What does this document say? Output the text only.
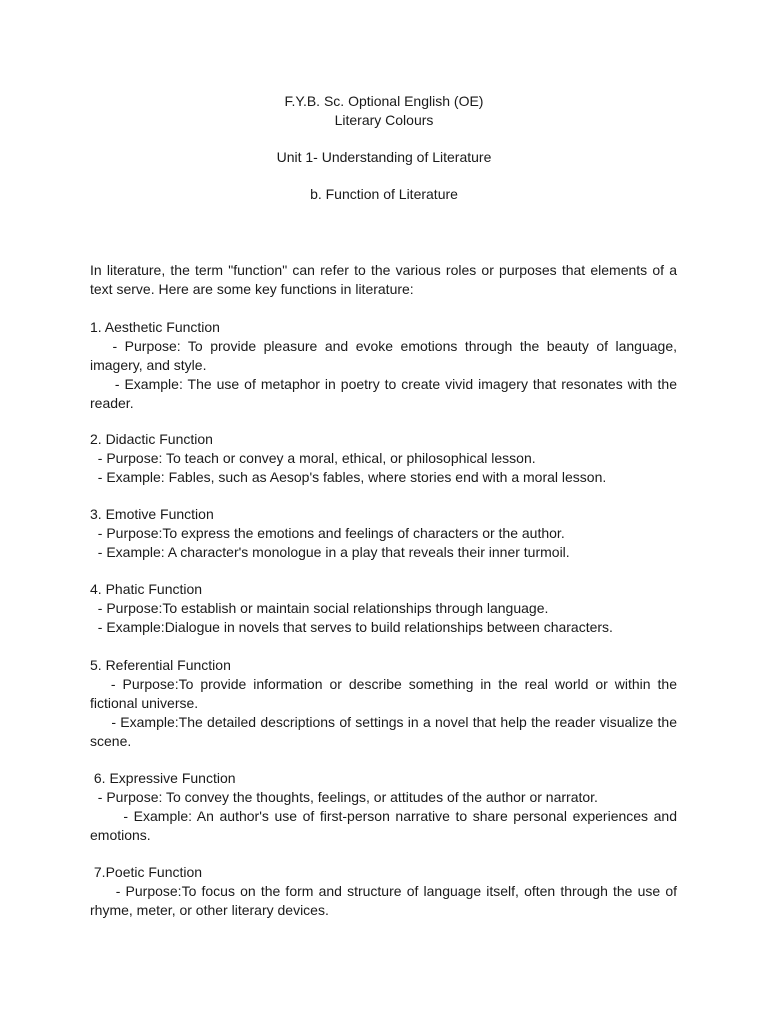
F.Y.B. Sc. Optional English (OE)
Literary Colours
Unit 1- Understanding of Literature
b. Function of Literature

In literature, the term "function" can refer to the various roles or purposes that elements of a text serve. Here are some key functions in literature:

1. Aesthetic Function
- Purpose: To provide pleasure and evoke emotions through the beauty of language, imagery, and style.
- Example: The use of metaphor in poetry to create vivid imagery that resonates with the reader.
2. Didactic Function
- Purpose: To teach or convey a moral, ethical, or philosophical lesson.
- Example: Fables, such as Aesop's fables, where stories end with a moral lesson.
3. Emotive Function
- Purpose:To express the emotions and feelings of characters or the author.
- Example: A character's monologue in a play that reveals their inner turmoil.
4. Phatic Function
- Purpose:To establish or maintain social relationships through language.
- Example:Dialogue in novels that serves to build relationships between characters.
5. Referential Function
- Purpose:To provide information or describe something in the real world or within the fictional universe.
- Example:The detailed descriptions of settings in a novel that help the reader visualize the scene.
6. Expressive Function
- Purpose: To convey the thoughts, feelings, or attitudes of the author or narrator.
- Example: An author's use of first-person narrative to share personal experiences and emotions.
7.Poetic Function
- Purpose:To focus on the form and structure of language itself, often through the use of rhyme, meter, or other literary devices.
